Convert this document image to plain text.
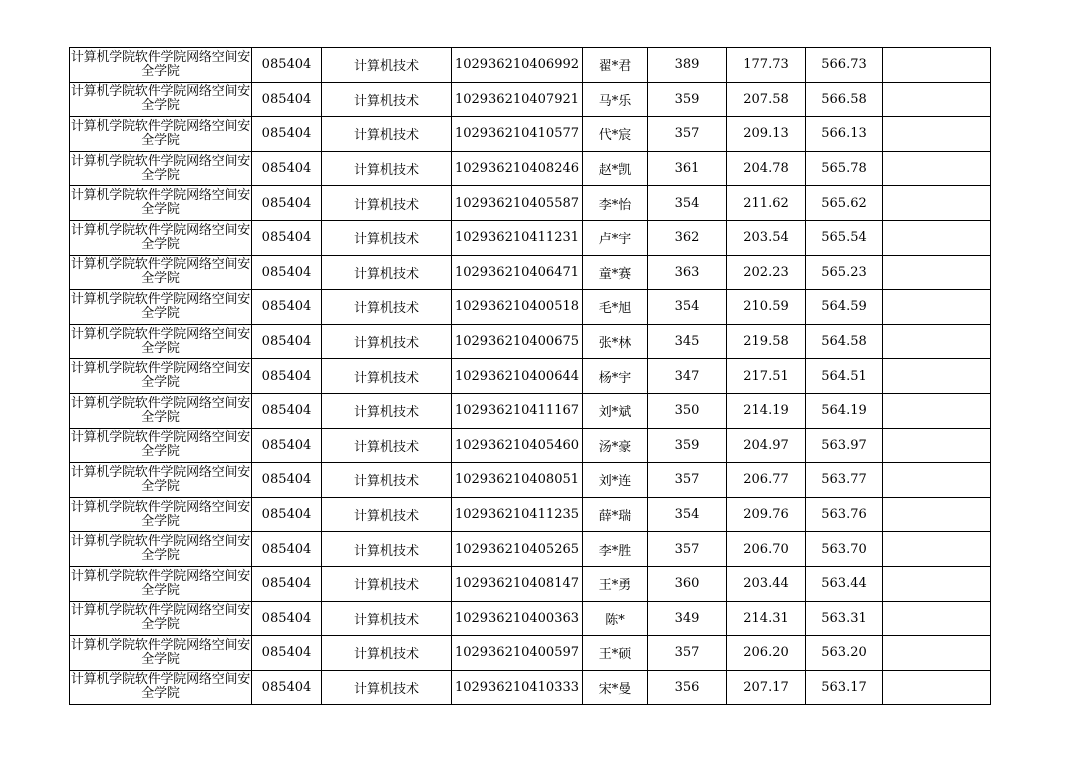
计算机学院软件学院网络空间安全学院	085404	计算机技术	102936210406992	翟*君	389	177.73	566.73	
计算机学院软件学院网络空间安全学院	085404	计算机技术	102936210407921	马*乐	359	207.58	566.58	
计算机学院软件学院网络空间安全学院	085404	计算机技术	102936210410577	代*宸	357	209.13	566.13	
计算机学院软件学院网络空间安全学院	085404	计算机技术	102936210408246	赵*凯	361	204.78	565.78	
计算机学院软件学院网络空间安全学院	085404	计算机技术	102936210405587	李*怡	354	211.62	565.62	
计算机学院软件学院网络空间安全学院	085404	计算机技术	102936210411231	卢*宇	362	203.54	565.54	
计算机学院软件学院网络空间安全学院	085404	计算机技术	102936210406471	童*赛	363	202.23	565.23	
计算机学院软件学院网络空间安全学院	085404	计算机技术	102936210400518	毛*旭	354	210.59	564.59	
计算机学院软件学院网络空间安全学院	085404	计算机技术	102936210400675	张*林	345	219.58	564.58	
计算机学院软件学院网络空间安全学院	085404	计算机技术	102936210400644	杨*宇	347	217.51	564.51	
计算机学院软件学院网络空间安全学院	085404	计算机技术	102936210411167	刘*斌	350	214.19	564.19	
计算机学院软件学院网络空间安全学院	085404	计算机技术	102936210405460	汤*豪	359	204.97	563.97	
计算机学院软件学院网络空间安全学院	085404	计算机技术	102936210408051	刘*连	357	206.77	563.77	
计算机学院软件学院网络空间安全学院	085404	计算机技术	102936210411235	薛*瑞	354	209.76	563.76	
计算机学院软件学院网络空间安全学院	085404	计算机技术	102936210405265	李*胜	357	206.70	563.70	
计算机学院软件学院网络空间安全学院	085404	计算机技术	102936210408147	王*勇	360	203.44	563.44	
计算机学院软件学院网络空间安全学院	085404	计算机技术	102936210400363	陈*	349	214.31	563.31	
计算机学院软件学院网络空间安全学院	085404	计算机技术	102936210400597	王*硕	357	206.20	563.20	
计算机学院软件学院网络空间安全学院	085404	计算机技术	102936210410333	宋*曼	356	207.17	563.17	
